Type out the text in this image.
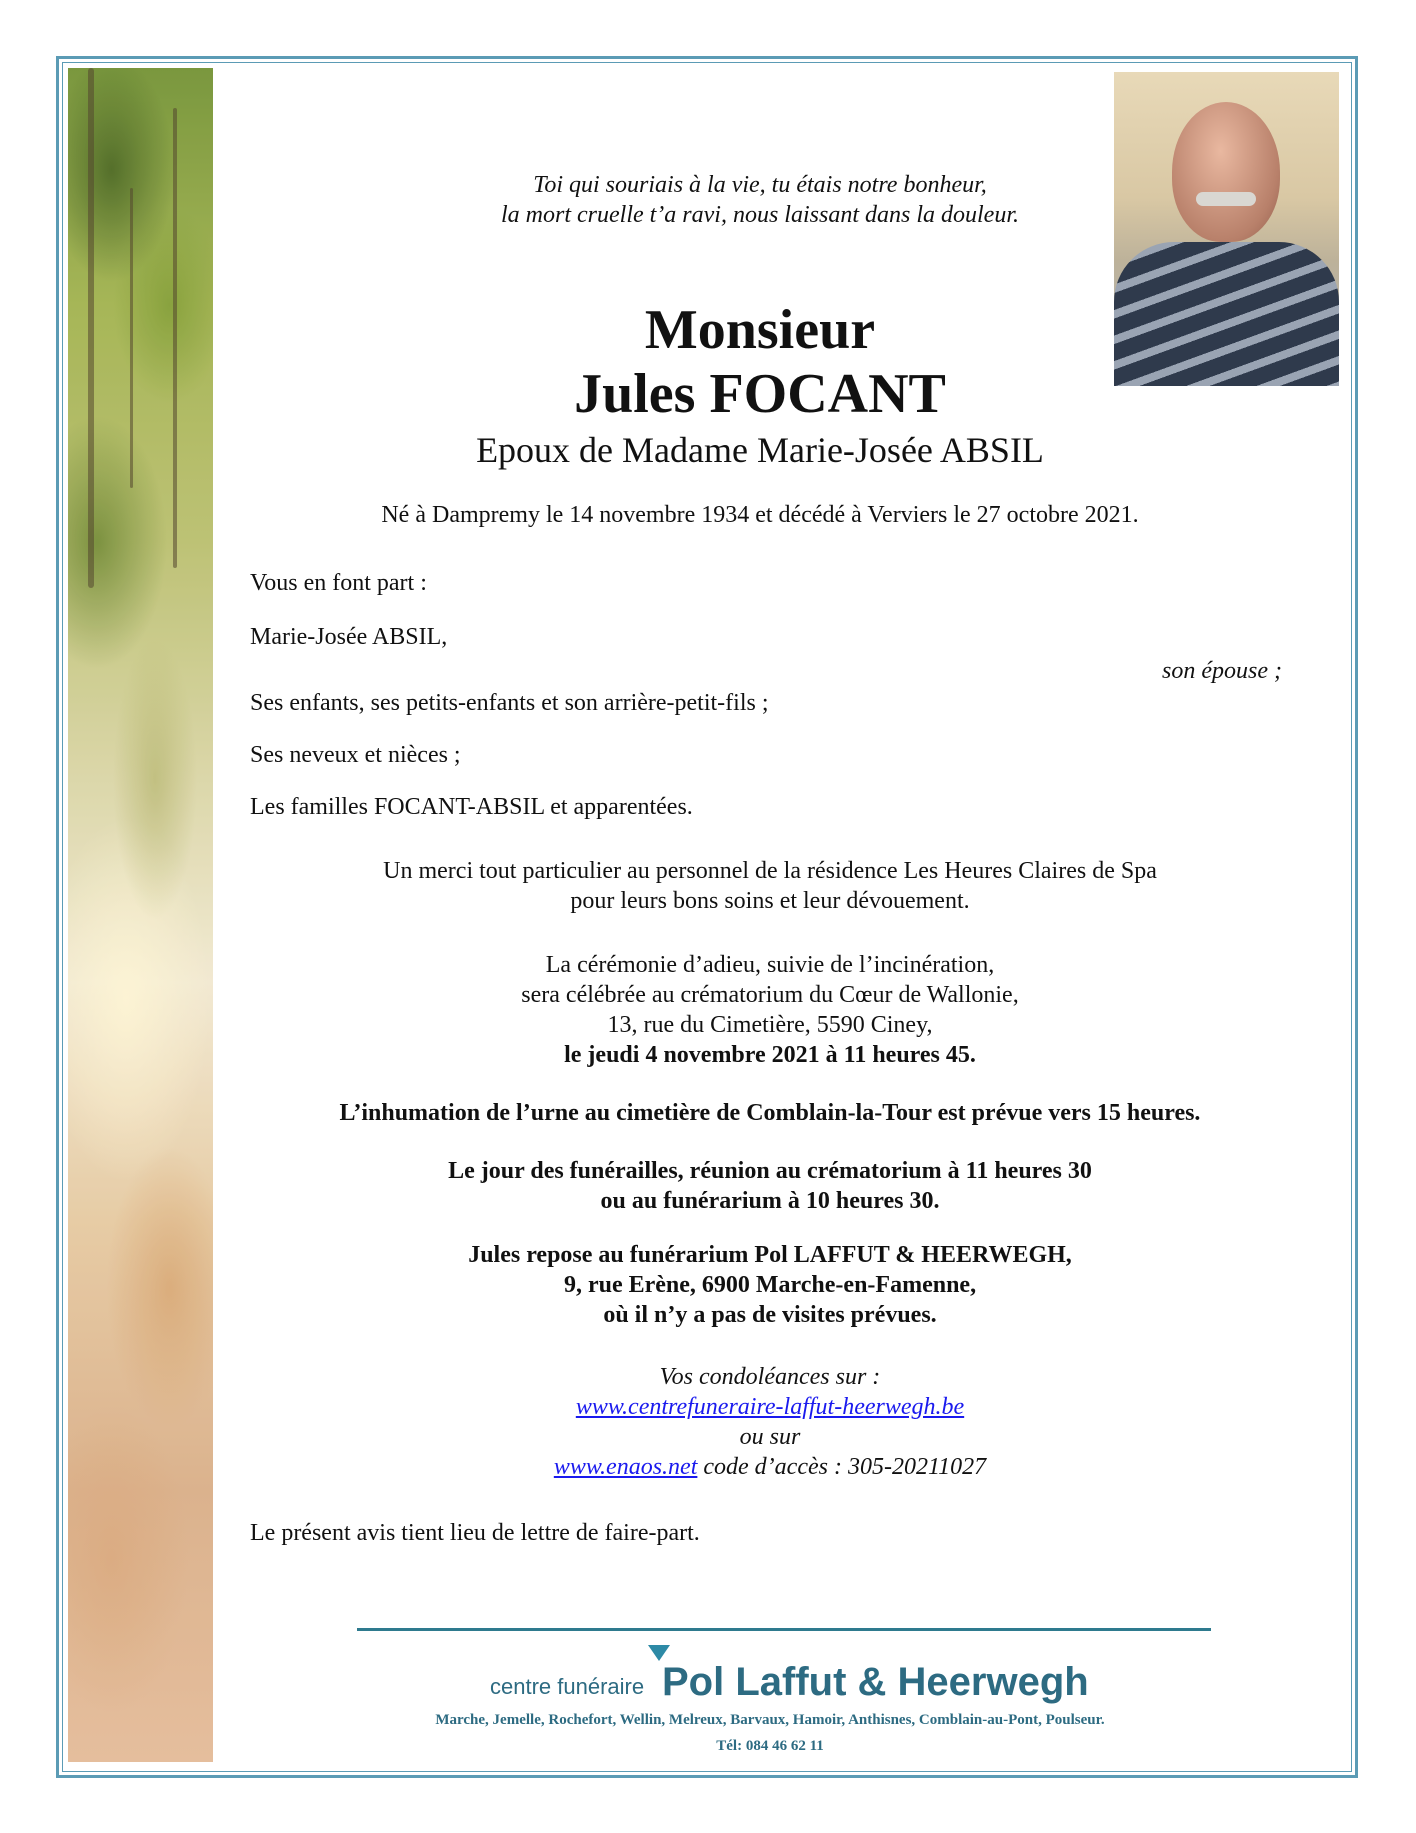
Toi qui souriais à la vie, tu étais notre bonheur,
la mort cruelle t’a ravi, nous laissant dans la douleur.
Monsieur
Jules FOCANT
Epoux de Madame Marie-Josée ABSIL
Né à Dampremy le 14 novembre 1934 et décédé à Verviers le 27 octobre 2021.
Vous en font part :
Marie-Josée ABSIL,
son épouse ;
Ses enfants, ses petits-enfants et son arrière-petit-fils ;
Ses neveux et nièces ;
Les familles FOCANT-ABSIL et apparentées.
Un merci tout particulier au personnel de la résidence Les Heures Claires de Spa
pour leurs bons soins et leur dévouement.
La cérémonie d’adieu, suivie de l’incinération,
sera célébrée au crématorium du Cœur de Wallonie,
13, rue du Cimetière, 5590 Ciney,
le jeudi 4 novembre 2021 à 11 heures 45.
L’inhumation de l’urne au cimetière de Comblain-la-Tour est prévue vers 15 heures.
Le jour des funérailles, réunion au crématorium à 11 heures 30
ou au funérarium à 10 heures 30.
Jules repose au funérarium Pol LAFFUT & HEERWEGH,
9, rue Erène, 6900 Marche-en-Famenne,
où il n’y a pas de visites prévues.
Vos condoléances sur :
www.centrefuneraire-laffut-heerwegh.be
ou sur
www.enaos.net code d’accès : 305-20211027
Le présent avis tient lieu de lettre de faire-part.
centre funéraire Pol Laffut & Heerwegh
Marche, Jemelle, Rochefort, Wellin, Melreux, Barvaux, Hamoir, Anthisnes, Comblain-au-Pont, Poulseur.
Tél: 084 46 62 11
